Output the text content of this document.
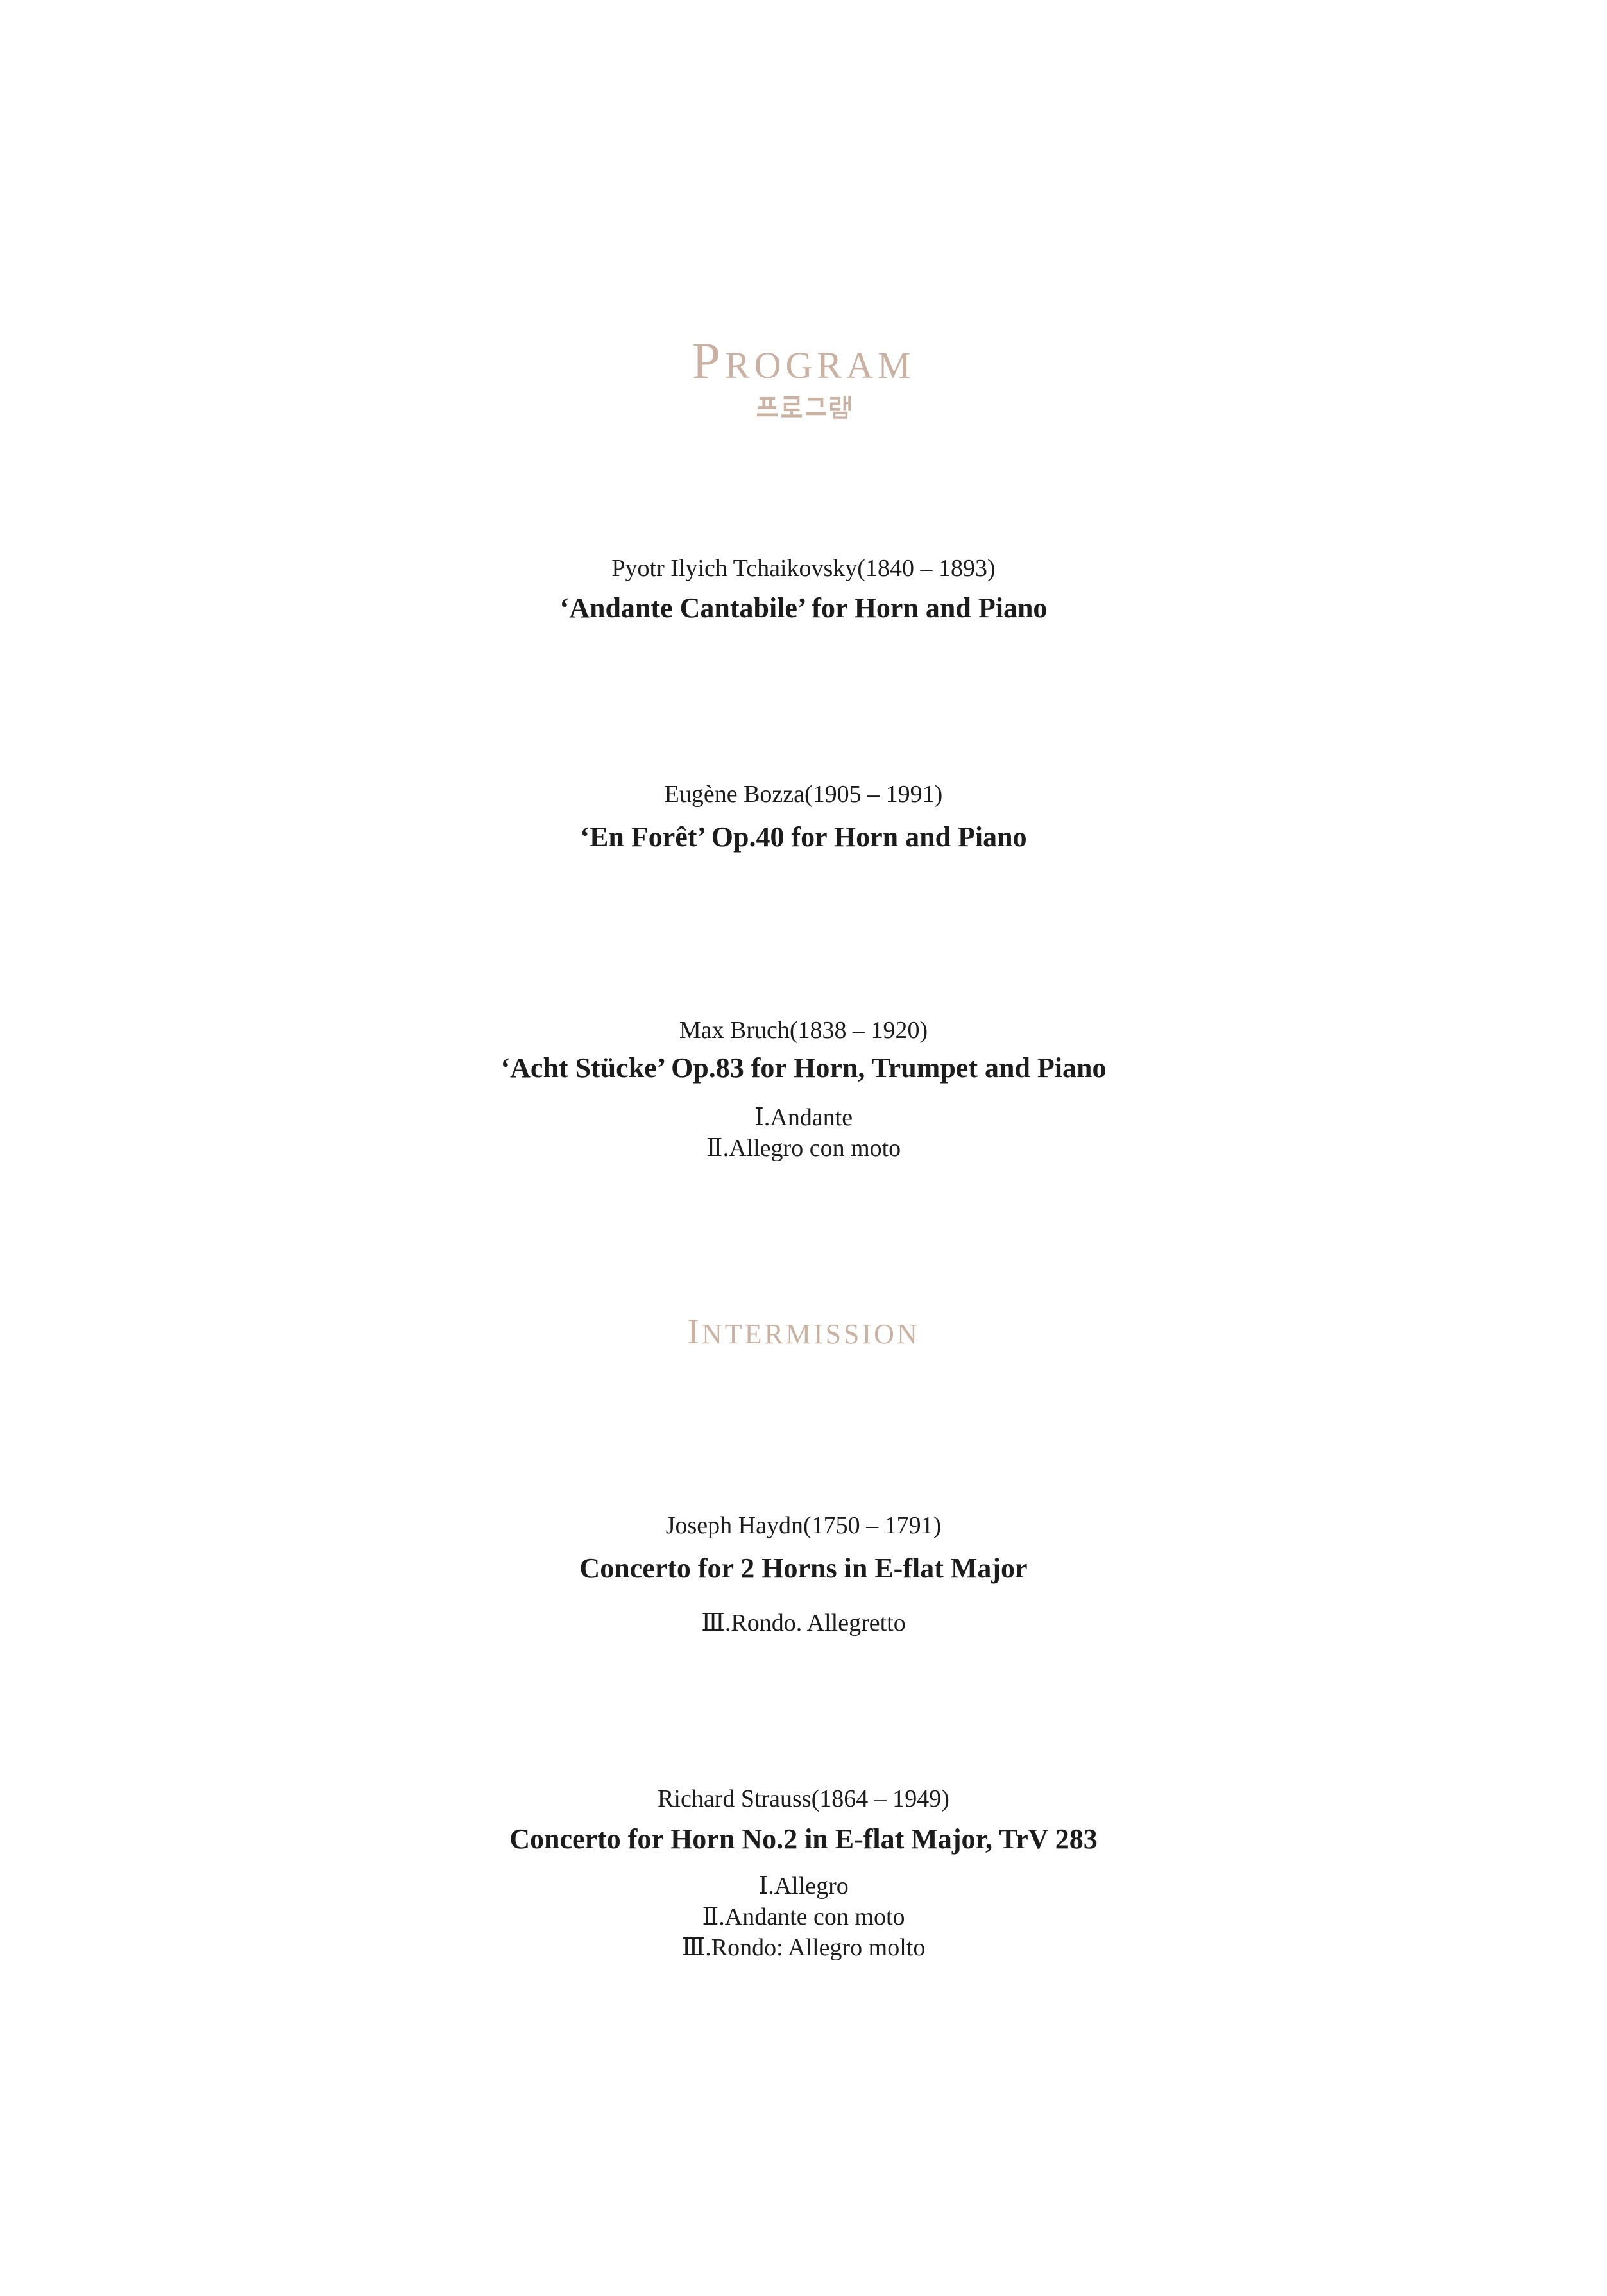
PROGRAM

Pyotr Ilyich Tchaikovsky(1840 – 1893)

‘Andante Cantabile’ for Horn and Piano

Eugène Bozza(1905 – 1991)

‘En Forêt’ Op.40 for Horn and Piano

Max Bruch(1838 – 1920)

‘Acht Stücke’ Op.83 for Horn, Trumpet and Piano
Ⅰ.Andante
Ⅱ.Allegro con moto
INTERMISSION

Joseph Haydn(1750 – 1791)

Concerto for 2 Horns in E-flat Major
Ⅲ.Rondo. Allegretto

Richard Strauss(1864 – 1949)

Concerto for Horn No.2 in E-flat Major, TrV 283
Ⅰ.Allegro
Ⅱ.Andante con moto
Ⅲ.Rondo: Allegro molto
